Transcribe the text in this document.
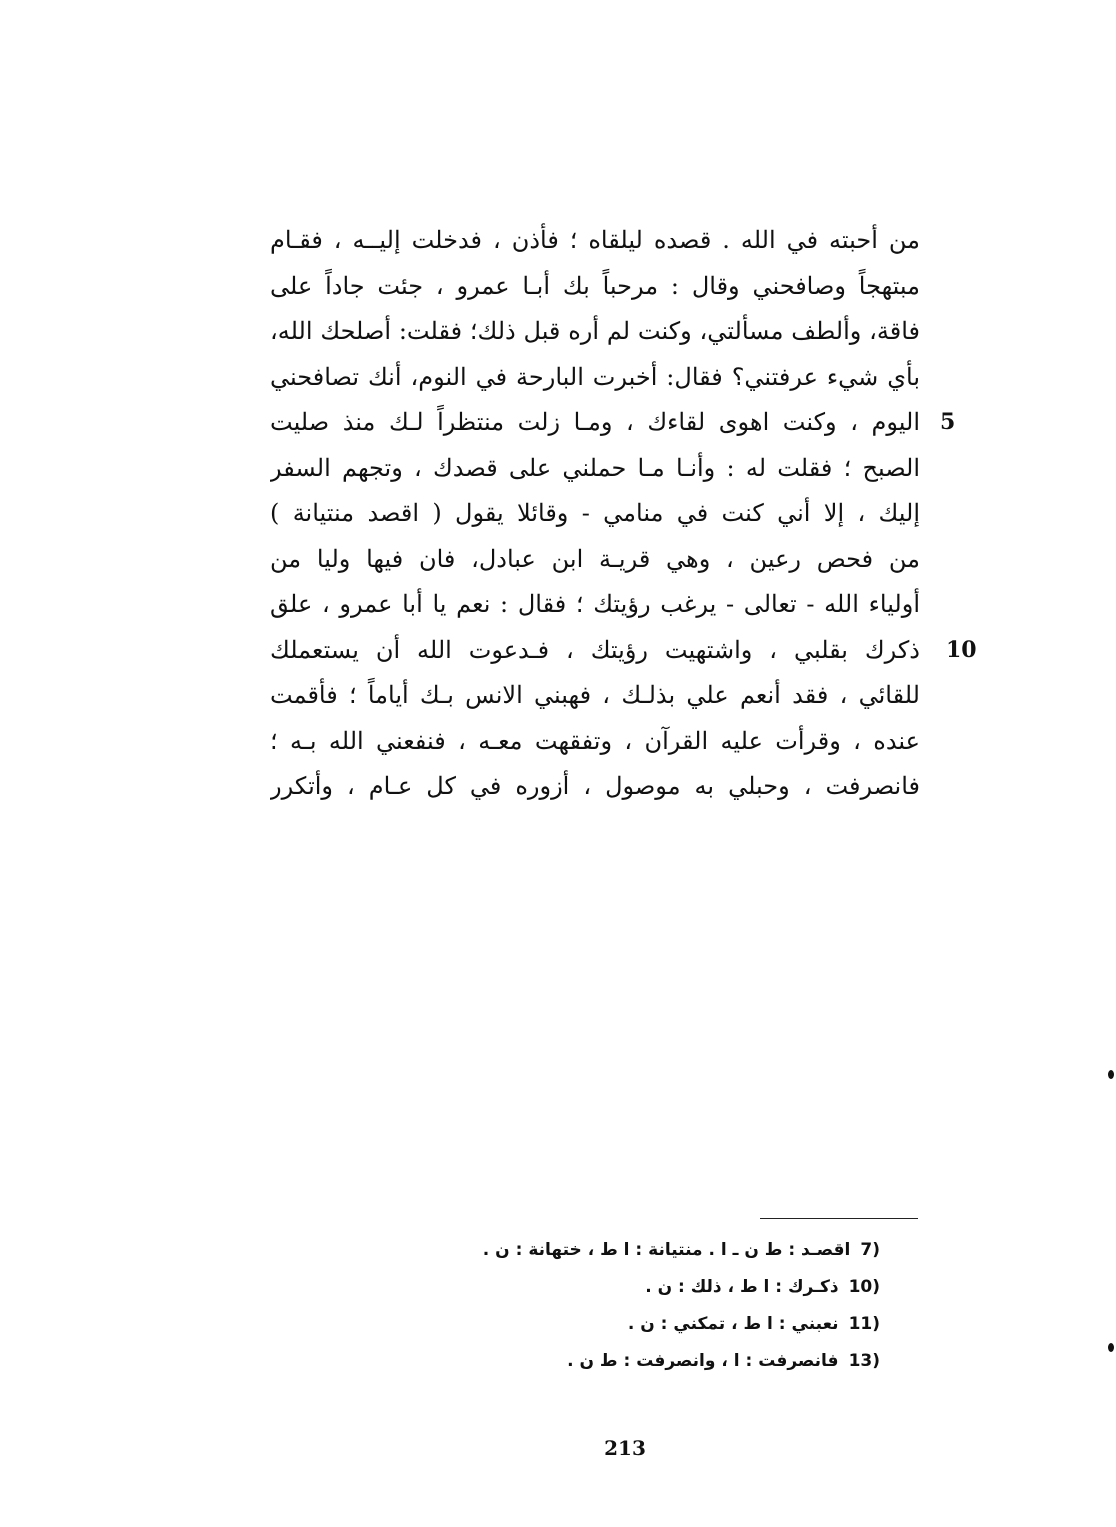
من أحبته في الله . قصده ليلقاه ؛ فأذن ، فدخلت إليــه ، فقـام
مبتهجاً وصافحني وقال : مرحباً بك أبـا عمرو ، جئت جاداً على
فاقة، وألطف مسألتي، وكنت لم أره قبل ذلك؛ فقلت: أصلحك الله،
بأي شيء عرفتني؟ فقال: أخبرت البارحة في النوم، أنك تصافحني
اليوم ، وكنت اهوى لقاءك ، ومـا زلت منتظراً لـك منذ صليت
الصبح ؛ فقلت له : وأنـا مـا حملني على قصدك ، وتجهم السفر
إليك ، إلا أني كنت في منامي - وقائلا يقول ( اقصد منتيانة )
من فحص رعين ، وهي قريـة ابن عبادل، فان فيها وليا من
أولياء الله - تعالى - يرغب رؤيتك ؛ فقال : نعم يا أبا عمرو ، علق
ذكرك بقلبي ، واشتهيت رؤيتك ، فـدعوت الله أن يستعملك
للقائي ، فقد أنعم علي بذلـك ، فهبني الانس بـك أياماً ؛ فأقمت
عنده ، وقرأت عليه القرآن ، وتفقهت معـه ، فنفعني الله بـه ؛
فانصرفت ، وحبلي به موصول ، أزوره في كل عـام ، وأتكرر
5
10
7)اقصـد : ط ن ـ ا . منتيانة : ا ط ، ختهانة : ن .
10)ذكـرك : ا ط ، ذلك : ن .
11)نعبني : ا ط ، تمكني : ن .
13)فانصرفت : ا ، وانصرفت : ط ن .
213
